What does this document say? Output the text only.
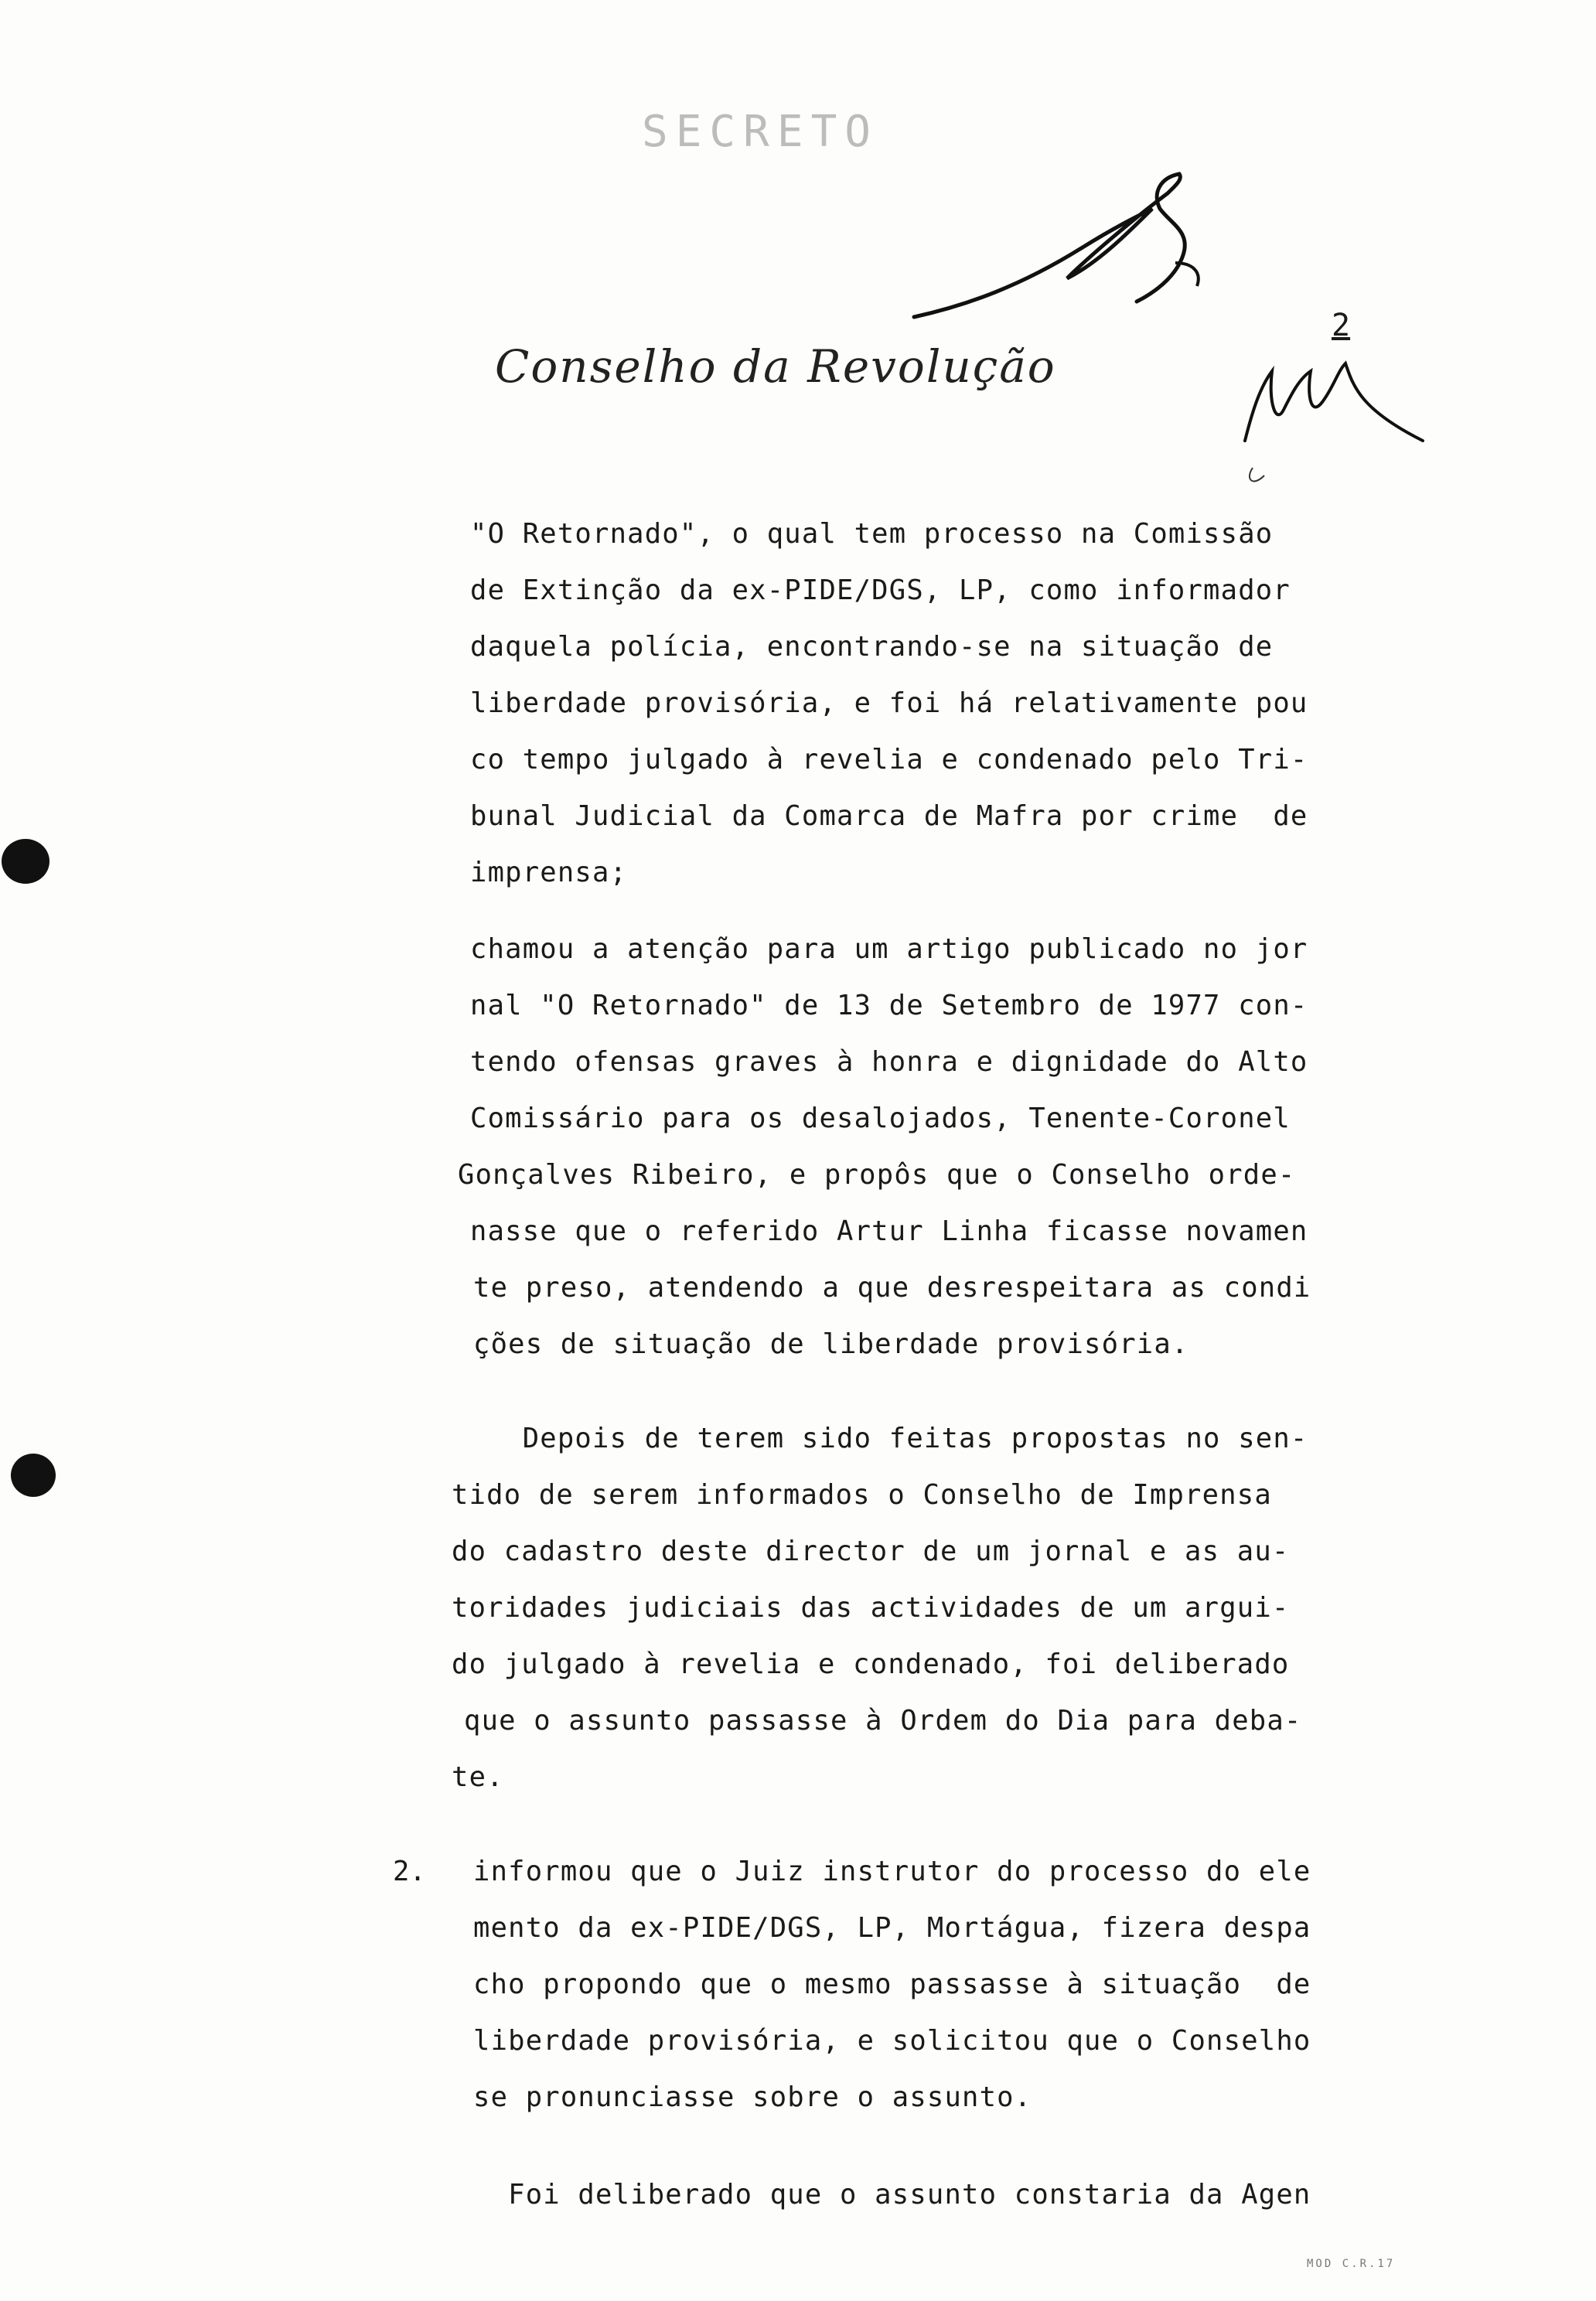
SECRETO
Conselho da Revolução
2
"O Retornado", o qual tem processo na Comissão
de Extinção da ex-PIDE/DGS, LP, como informador
daquela polícia, encontrando-se na situação de
liberdade provisória, e foi há relativamente pou
co tempo julgado à revelia e condenado pelo Tri-
bunal Judicial da Comarca de Mafra por crime  de
imprensa;
chamou a atenção para um artigo publicado no jor
nal "O Retornado" de 13 de Setembro de 1977 con-
tendo ofensas graves à honra e dignidade do Alto
Comissário para os desalojados, Tenente-Coronel
Gonçalves Ribeiro, e propôs que o Conselho orde-
nasse que o referido Artur Linha ficasse novamen
te preso, atendendo a que desrespeitara as condi
ções de situação de liberdade provisória.
Depois de terem sido feitas propostas no sen-
tido de serem informados o Conselho de Imprensa
do cadastro deste director de um jornal e as au-
toridades judiciais das actividades de um argui-
do julgado à revelia e condenado, foi deliberado
que o assunto passasse à Ordem do Dia para deba-
te.
2. informou que o Juiz instrutor do processo do ele
mento da ex-PIDE/DGS, LP, Mortágua, fizera despa
cho propondo que o mesmo passasse à situação  de
liberdade provisória, e solicitou que o Conselho
se pronunciasse sobre o assunto.
Foi deliberado que o assunto constaria da Agen
MOD C.R.17
